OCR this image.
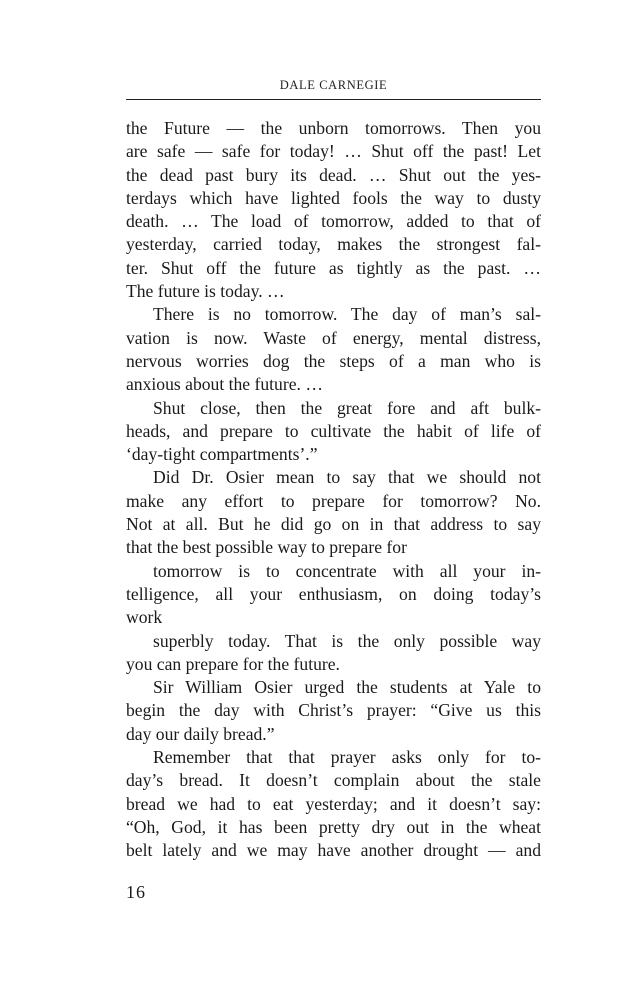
DALE CARNEGIE
the Future — the unborn tomorrows. Then you
are safe — safe for today! … Shut off the past! Let
the dead past bury its dead. … Shut out the yes-
terdays which have lighted fools the way to dusty
death. … The load of tomorrow, added to that of
yesterday, carried today, makes the strongest fal-
ter. Shut off the future as tightly as the past. …
The future is today. …
There is no tomorrow. The day of man’s sal-
vation is now. Waste of energy, mental distress,
nervous worries dog the steps of a man who is
anxious about the future. …
Shut close, then the great fore and aft bulk-
heads, and prepare to cultivate the habit of life of
‘day-tight compartments’.”
Did Dr. Osier mean to say that we should not
make any effort to prepare for tomorrow? No.
Not at all. But he did go on in that address to say
that the best possible way to prepare for
tomorrow is to concentrate with all your in-
telligence, all your enthusiasm, on doing today’s
work
superbly today. That is the only possible way
you can prepare for the future.
Sir William Osier urged the students at Yale to
begin the day with Christ’s prayer: “Give us this
day our daily bread.”
Remember that that prayer asks only for to-
day’s bread. It doesn’t complain about the stale
bread we had to eat yesterday; and it doesn’t say:
“Oh, God, it has been pretty dry out in the wheat
belt lately and we may have another drought — and
16
